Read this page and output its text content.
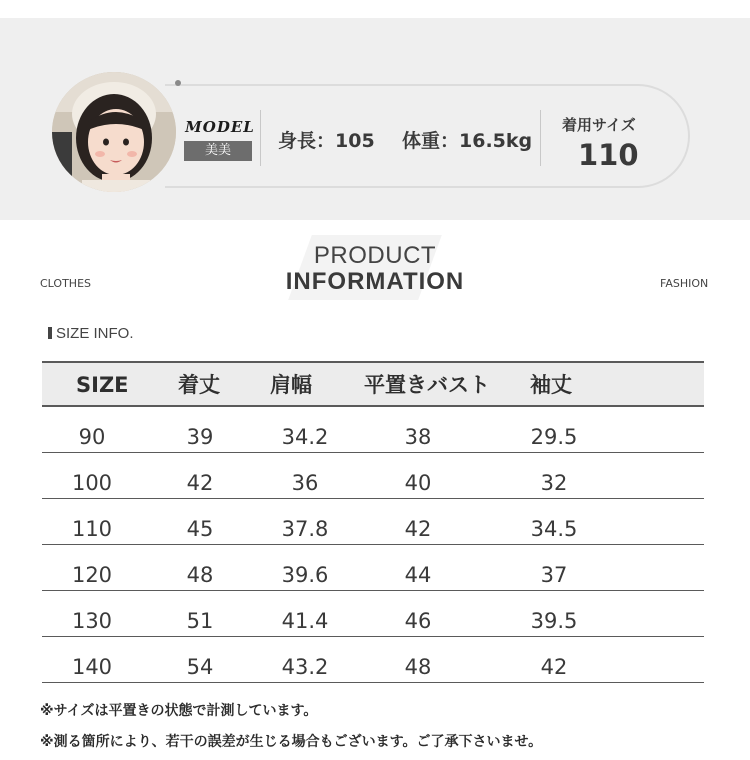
MODEL
美美	身長：105 体重：16.5kg
着用サイズ
110
PRODUCT
INFORMATION
CLOTHES	FASHION
SIZE INFO.
SIZE 着丈 肩幅 平置きバスト 袖丈
90	39	34.2	38	29.5
100	42	36	40	32
110	45	37.8	42	34.5
120	48	39.6	44	37
130	51	41.4	46	39.5
140	54	43.2	48	42
※サイズは平置きの状態で計測しています。
※測る箇所により、若干の誤差が生じる場合もございます。ご了承下さいませ。
